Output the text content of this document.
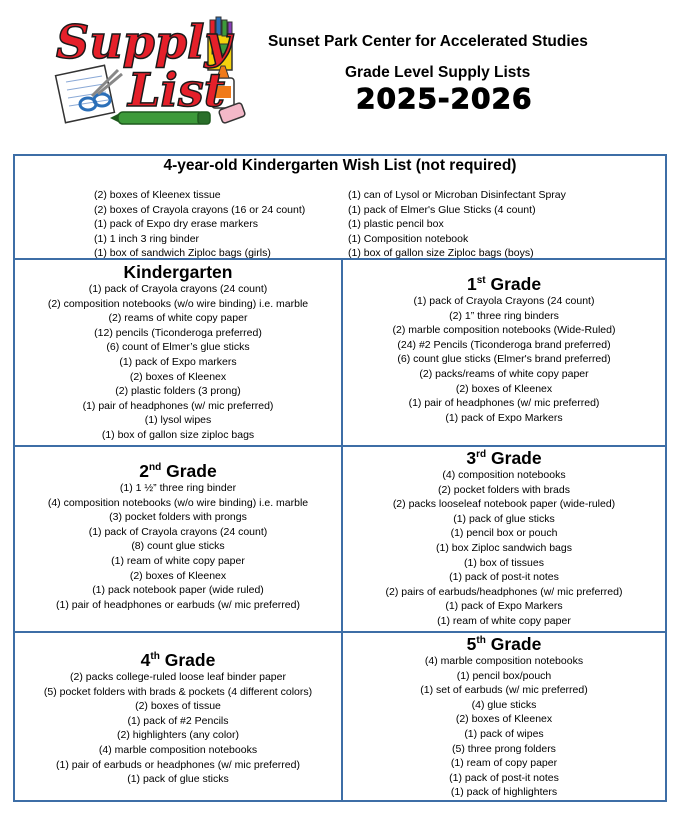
Supply
List
Sunset Park Center for Accelerated Studies
Grade Level Supply Lists
2025-2026
4-year-old Kindergarten Wish List (not required)
(2) boxes of Kleenex tissue
(2) boxes of Crayola crayons (16 or 24 count)
(1) pack of Expo dry erase markers
(1) 1 inch 3 ring binder
(1) box of sandwich Ziploc bags (girls)
(1) can of Lysol or Microban Disinfectant Spray
(1) pack of Elmer's Glue Sticks (4 count)
(1) plastic pencil box
(1) Composition notebook
(1) box of gallon size Ziploc bags (boys)
Kindergarten
(1) pack of Crayola crayons (24 count)
(2) composition notebooks (w/o wire binding) i.e. marble
(2) reams of white copy paper
(12) pencils (Ticonderoga preferred)
(6) count of Elmer’s glue sticks
(1) pack of Expo markers
(2) boxes of Kleenex
(2) plastic folders (3 prong)
(1) pair of headphones (w/ mic preferred)
(1) lysol wipes
(1) box of gallon size ziploc bags
1st Grade
(1) pack of Crayola Crayons (24 count)
(2) 1” three ring binders
(2) marble composition notebooks (Wide-Ruled)
(24) #2 Pencils (Ticonderoga brand preferred)
(6) count glue sticks (Elmer's brand preferred)
(2) packs/reams of white copy paper
(2) boxes of Kleenex
(1) pair of headphones (w/ mic preferred)
(1) pack of Expo Markers
2nd Grade
(1) 1 ½” three ring binder
(4) composition notebooks (w/o wire binding) i.e. marble
(3) pocket folders with prongs
(1) pack of Crayola crayons (24 count)
(8) count glue sticks
(1) ream of white copy paper
(2) boxes of Kleenex
(1) pack notebook paper (wide ruled)
(1) pair of headphones or earbuds (w/ mic preferred)
3rd Grade
(4) composition notebooks
(2) pocket folders with brads
(2) packs looseleaf notebook paper (wide-ruled)
(1) pack of glue sticks
(1) pencil box or pouch
(1) box Ziploc sandwich bags
(1) box of tissues
(1) pack of post-it notes
(2) pairs of earbuds/headphones (w/ mic preferred)
(1) pack of Expo Markers
(1) ream of white copy paper
4th Grade
(2) packs college-ruled loose leaf binder paper
(5) pocket folders with brads & pockets (4 different colors)
(2) boxes of tissue
(1) pack of #2 Pencils
(2) highlighters (any color)
(4) marble composition notebooks
(1) pair of earbuds or headphones (w/ mic preferred)
(1) pack of glue sticks
5th Grade
(4) marble composition notebooks
(1) pencil box/pouch
(1) set of earbuds (w/ mic preferred)
(4) glue sticks
(2) boxes of Kleenex
(1) pack of wipes
(5) three prong folders
(1) ream of copy paper
(1) pack of post-it notes
(1) pack of highlighters
